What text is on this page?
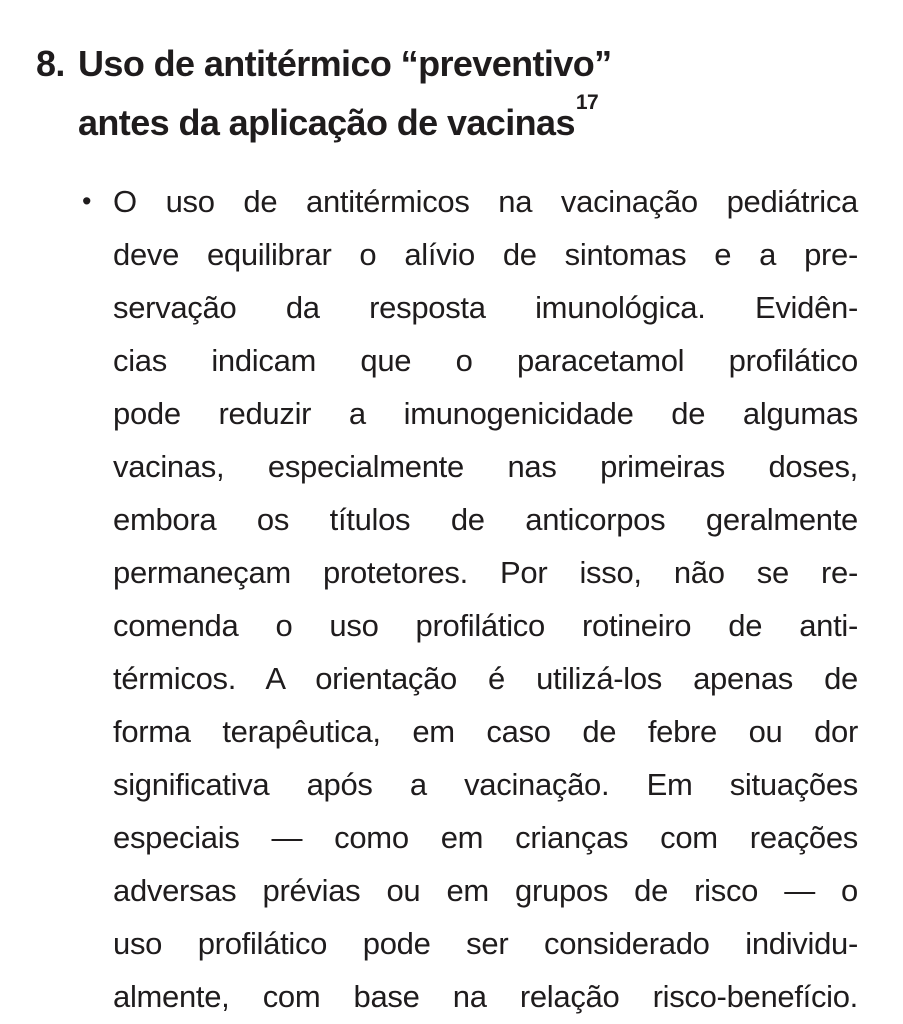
8. Uso de antitérmico “preventivo”
antes da aplicação de vacinas$^{17}$
• O uso de antitérmicos na vacinação pediátrica
deve equilibrar o alívio de sintomas e a pre-
servação da resposta imunológica. Evidên-
cias indicam que o paracetamol profilático
pode reduzir a imunogenicidade de algumas
vacinas, especialmente nas primeiras doses,
embora os títulos de anticorpos geralmente
permaneçam protetores. Por isso, não se re-
comenda o uso profilático rotineiro de anti-
térmicos. A orientação é utilizá-los apenas de
forma terapêutica, em caso de febre ou dor
significativa após a vacinação. Em situações
especiais — como em crianças com reações
adversas prévias ou em grupos de risco — o
uso profilático pode ser considerado individu-
almente, com base na relação risco-benefício.
